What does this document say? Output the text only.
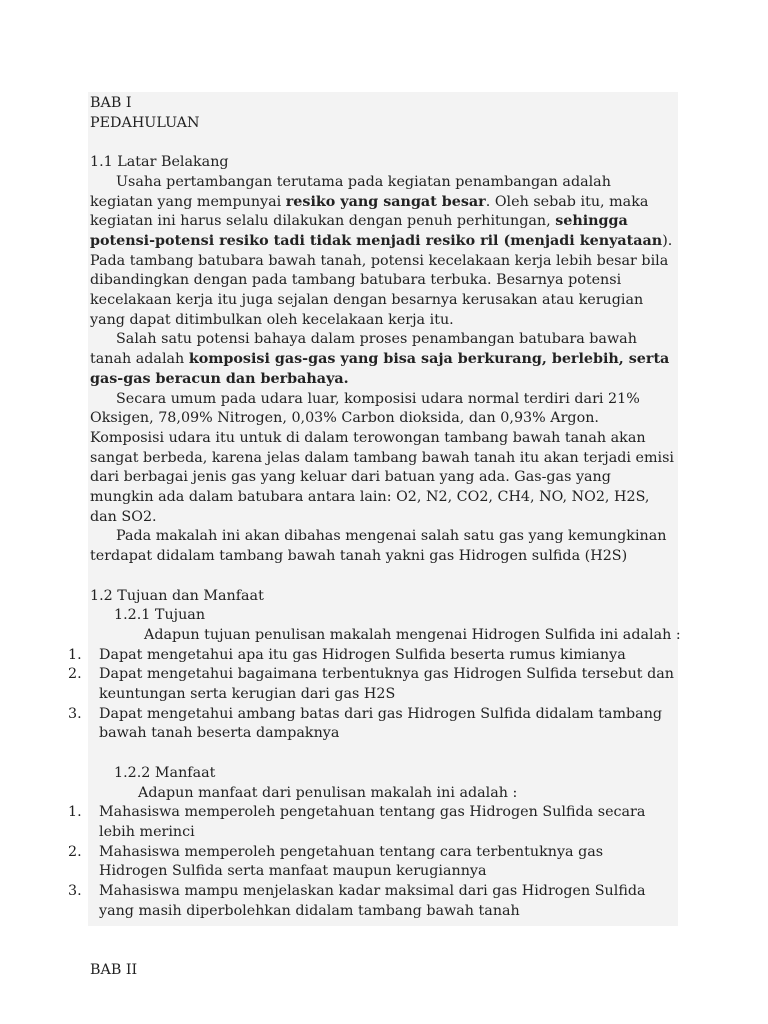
BAB I
PEDAHULUAN
1.1 Latar Belakang

Usaha pertambangan terutama pada kegiatan penambangan adalah kegiatan yang mempunyai resiko yang sangat besar. Oleh sebab itu, maka kegiatan ini harus selalu dilakukan dengan penuh perhitungan, sehingga potensi-potensi resiko tadi tidak menjadi resiko ril (menjadi kenyataan). Pada tambang batubara bawah tanah, potensi kecelakaan kerja lebih besar bila dibandingkan dengan pada tambang batubara terbuka. Besarnya potensi kecelakaan kerja itu juga sejalan dengan besarnya kerusakan atau kerugian yang dapat ditimbulkan oleh kecelakaan kerja itu.

Salah satu potensi bahaya dalam proses penambangan batubara bawah tanah adalah komposisi gas-gas yang bisa saja berkurang, berlebih, serta gas-gas beracun dan berbahaya.

Secara umum pada udara luar, komposisi udara normal terdiri dari 21% Oksigen, 78,09% Nitrogen, 0,03% Carbon dioksida, dan 0,93% Argon. Komposisi udara itu untuk di dalam terowongan tambang bawah tanah akan sangat berbeda, karena jelas dalam tambang bawah tanah itu akan terjadi emisi dari berbagai jenis gas yang keluar dari batuan yang ada. Gas-gas yang mungkin ada dalam batubara antara lain: O2, N2, CO2, CH4, NO, NO2, H2S, dan SO2.

Pada makalah ini akan dibahas mengenai salah satu gas yang kemungkinan terdapat didalam tambang bawah tanah yakni gas Hidrogen sulfida (H2S)

1.2 Tujuan dan Manfaat
1.2.1 Tujuan
Adapun tujuan penulisan makalah mengenai Hidrogen Sulfida ini adalah :
1. Dapat mengetahui apa itu gas Hidrogen Sulfida beserta rumus kimianya
2. Dapat mengetahui bagaimana terbentuknya gas Hidrogen Sulfida tersebut dan keuntungan serta kerugian dari gas H2S
3. Dapat mengetahui ambang batas dari gas Hidrogen Sulfida didalam tambang bawah tanah beserta dampaknya
1.2.2 Manfaat
Adapun manfaat dari penulisan makalah ini adalah :
1. Mahasiswa memperoleh pengetahuan tentang gas Hidrogen Sulfida secara lebih merinci
2. Mahasiswa memperoleh pengetahuan tentang cara terbentuknya gas Hidrogen Sulfida serta manfaat maupun kerugiannya
3. Mahasiswa mampu menjelaskan kadar maksimal dari gas Hidrogen Sulfida yang masih diperbolehkan didalam tambang bawah tanah
BAB II
